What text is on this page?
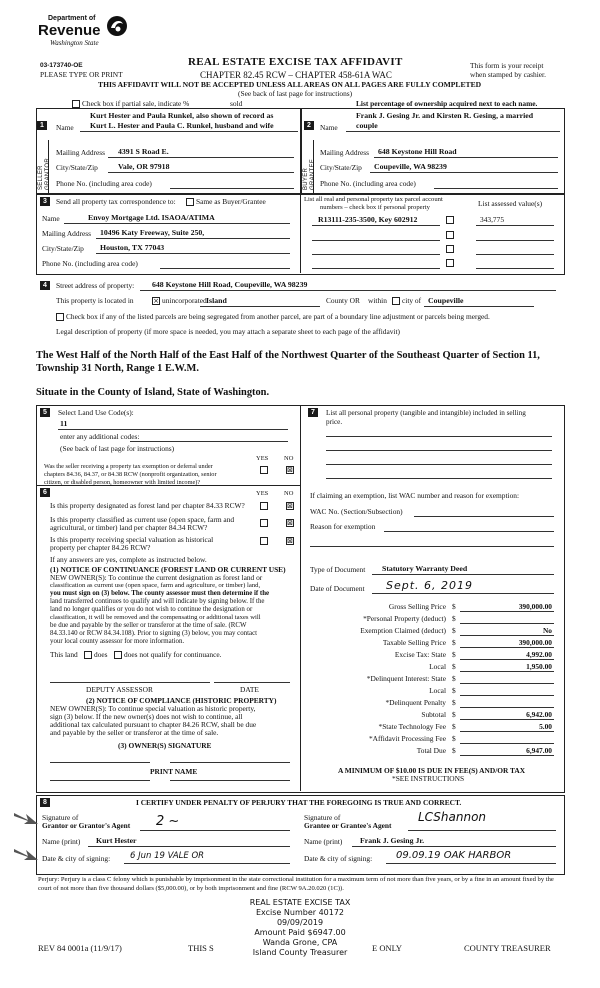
Department of
Revenue
Washington State
03-173740-OE
PLEASE TYPE OR PRINT
REAL ESTATE EXCISE TAX AFFIDAVIT
CHAPTER 82.45 RCW – CHAPTER 458-61A WAC
THIS AFFIDAVIT WILL NOT BE ACCEPTED UNLESS ALL AREAS ON ALL PAGES ARE FULLY COMPLETED
(See back of last page for instructions)
This form is your receipt
when stamped by cashier.
Check box if partial sale, indicate %	sold	List percentage of ownership acquired next to each name.
1	2
SELLER GRANTOR
Name
Kurt Hester and Paula Runkel, also shown of record as
Kurt L. Hester and Paula C. Runkel, husband and wife
Mailing Address 4391 S Road E.
City/State/Zip	Vale, OR 97918
Phone No. (including area code)	BUYER GRANTEE
Name
Frank J. Gesing Jr. and Kirsten R. Gesing, a married
couple
Mailing Address 648 Keystone Hill Road
City/State/Zip Coupeville, WA 98239
Phone No. (including area code)
3	Send all property tax correspondence to:	Same as Buyer/Grantee
Name	Envoy Mortgage Ltd. ISAOA/ATIMA
Mailing Address 10496 Katy Freeway, Suite 250,
City/State/Zip Houston, TX 77043
Phone No. (including area code)
List all real and personal property tax parcel account
numbers – check box if personal property	List assessed value(s)
R13111-235-3500, Key 602912	343,775
4	Street address of property: 648 Keystone Hill Road, Coupeville, WA 98239
This property is located in	× unincorporated Island	County OR within city of Coupeville
Check box if any of the listed parcels are being segregated from another parcel, are part of a boundary line adjustment or parcels being merged.
Legal description of property (if more space is needed, you may attach a separate sheet to each page of the affidavit)
The West Half of the North Half of the East Half of the Northwest Quarter of the Southeast Quarter of Section 11,
Township 31 North, Range 1 E.W.M.
Situate in the County of Island, State of Washington.
5	Select Land Use Code(s):
11
enter any additional codes:
(See back of last page for instructions)
YES NO
Was the seller receiving a property tax exemption or deferral under
chapters 84.36, 84.37, or 84.38 RCW (nonprofit organization, senior
citizen, or disabled person, homeowner with limited income)?
⊠
6	YES NO
Is this property designated as forest land per chapter 84.33 RCW?	⊠
Is this property classified as current use (open space, farm and
agricultural, or timber) land per chapter 84.34 RCW?	⊠
Is this property receiving special valuation as historical
property per chapter 84.26 RCW?
⊠
If any answers are yes, complete as instructed below.
(1) NOTICE OF CONTINUANCE (FOREST LAND OR CURRENT USE)
NEW OWNER(S): To continue the current designation as forest land or
classification as current use (open space, farm and agriculture, or timber) land,
you must sign on (3) below. The county assessor must then determine if the
land transferred continues to qualify and will indicate by signing below. If the
land no longer qualifies or you do not wish to continue the designation or
classification, it will be removed and the compensating or additional taxes will
be due and payable by the seller or transferor at the time of sale. (RCW
84.33.140 or RCW 84.34.108). Prior to signing (3) below, you may contact
your local county assessor for more information.
This land does does not qualify for continuance.
DEPUTY ASSESSOR	DATE
(2) NOTICE OF COMPLIANCE (HISTORIC PROPERTY)
NEW OWNER(S): To continue special valuation as historic property,
sign (3) below. If the new owner(s) does not wish to continue, all
additional tax calculated pursuant to chapter 84.26 RCW, shall be due
and payable by the seller or transferor at the time of sale.
(3) OWNER(S) SIGNATURE
PRINT NAME
7	List all personal property (tangible and intangible) included in selling
price.
If claiming an exemption, list WAC number and reason for exemption:
WAC No. (Section/Subsection)
Reason for exemption
Type of Document Statutory Warranty Deed
Date of Document Sept. 6, 2019
Gross Selling Price $	390,000.00
*Personal Property (deduct) $
Exemption Claimed (deduct) $	No
Taxable Selling Price $	390,000.00
Excise Tax: State $	4,992.00
Local $	1,950.00
*Delinquent Interest: State $
Local $
*Delinquent Penalty $
Subtotal $	6,942.00
*State Technology Fee $	5.00
*Affidavit Processing Fee $
Total Due $	6,947.00
A MINIMUM OF $10.00 IS DUE IN FEE(S) AND/OR TAX
*SEE INSTRUCTIONS
8	I CERTIFY UNDER PENALTY OF PERJURY THAT THE FOREGOING IS TRUE AND CORRECT.
Signature of
Grantor or Grantor's Agent 2 ~	Signature of
Grantee or Grantee's Agent
LCShannon
Name (print) Kurt Hester	Name (print) Frank J. Gesing Jr.
Date & city of signing: 6 Jun 19 VALE OR	Date & city of signing: 09.09.19 OAK HARBOR
Perjury: Perjury is a class C felony which is punishable by imprisonment in the state correctional institution for a maximum term of not more than five years, or by a fine in an amount fixed by the court of not more than five thousand dollars ($5,000.00), or by both imprisonment and fine (RCW 9A.20.020 (1C)).
REAL ESTATE EXCISE TAX
Excise Number 40172
09/09/2019
Amount Paid $6947.00
Wanda Grone, CPA
Island County Treasurer
REV 84 0001a (11/9/17)	THIS S	E ONLY	COUNTY TREASURER
